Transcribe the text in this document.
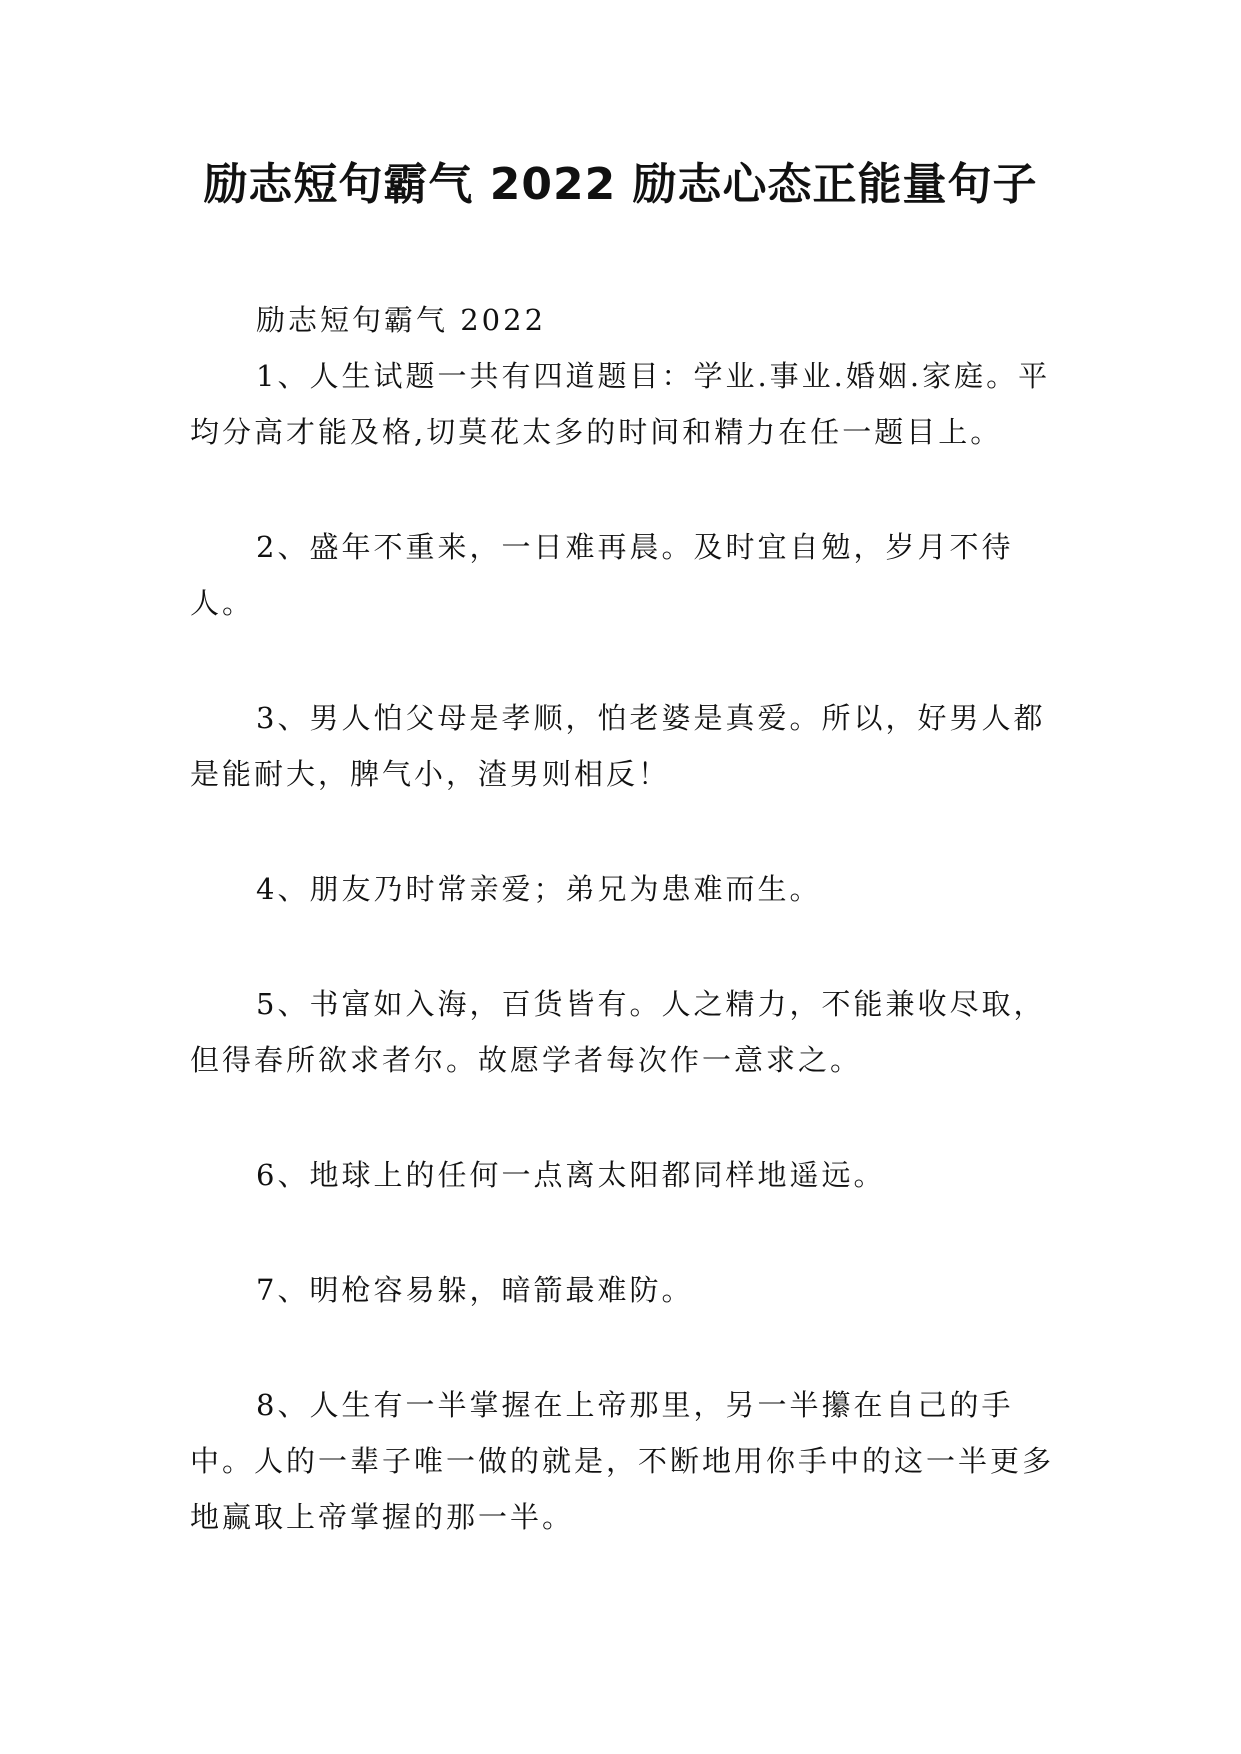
励志短句霸气 2022 励志心态正能量句子

励志短句霸气 2022

1、人生试题一共有四道题目：学业.事业.婚姻.家庭。平均分高才能及格,切莫花太多的时间和精力在任一题目上。

2、盛年不重来，一日难再晨。及时宜自勉，岁月不待人。

3、男人怕父母是孝顺，怕老婆是真爱。所以，好男人都是能耐大，脾气小，渣男则相反！

4、朋友乃时常亲爱；弟兄为患难而生。

5、书富如入海，百货皆有。人之精力，不能兼收尽取，但得春所欲求者尔。故愿学者每次作一意求之。

6、地球上的任何一点离太阳都同样地遥远。

7、明枪容易躲，暗箭最难防。

8、人生有一半掌握在上帝那里，另一半攥在自己的手中。人的一辈子唯一做的就是，不断地用你手中的这一半更多地赢取上帝掌握的那一半。
